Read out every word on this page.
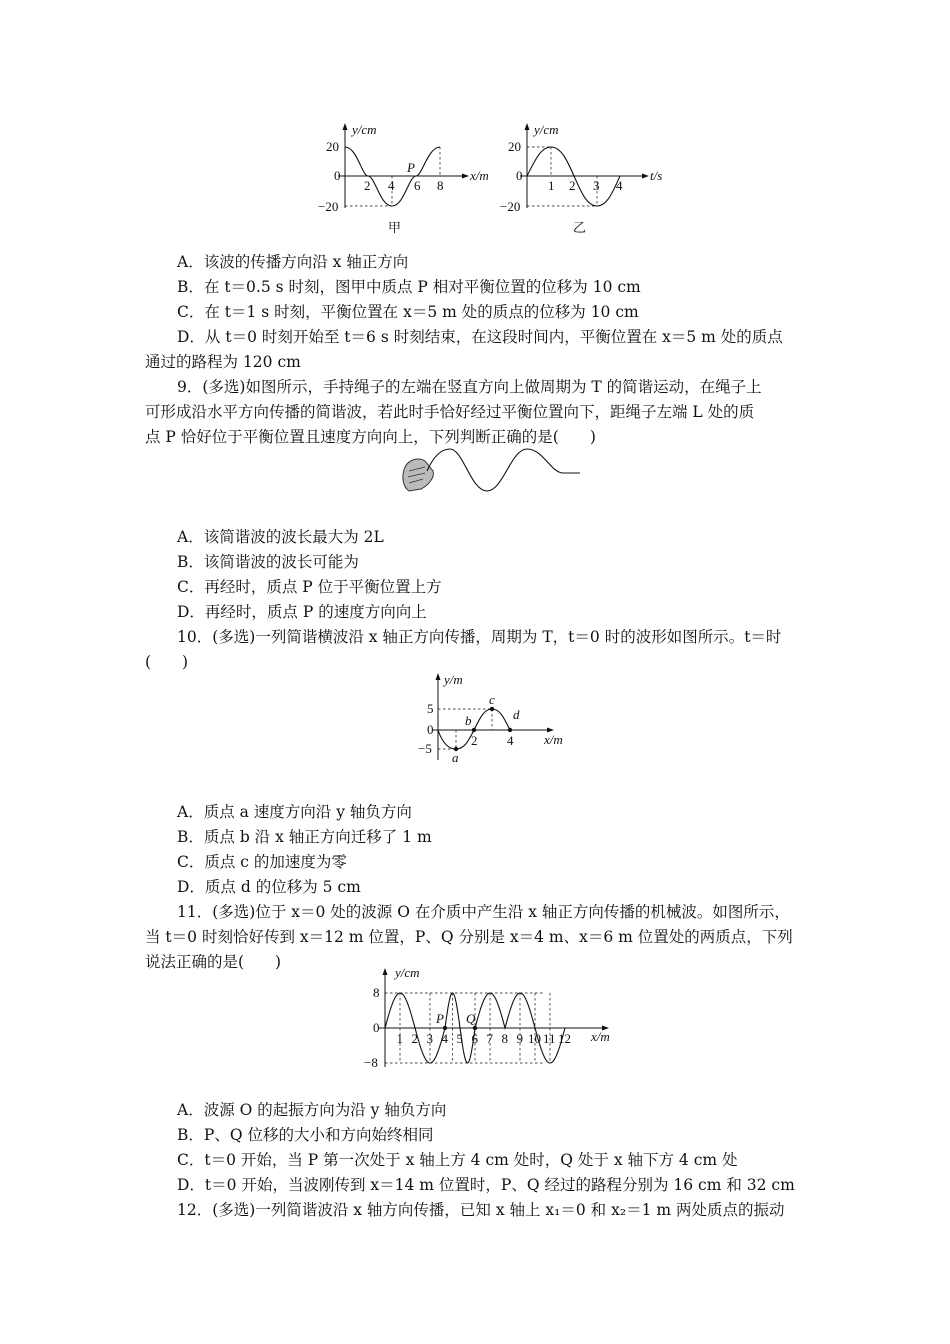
y/cm
20
0
−20
2 4 6 8
x/m
P
甲
y/cm
20
0
−20
1 2 3 4
t/s
乙
A．该波的传播方向沿 x 轴正方向
B．在 t＝0.5 s 时刻，图甲中质点 P 相对平衡位置的位移为 10 cm
C．在 t＝1 s 时刻，平衡位置在 x＝5 m 处的质点的位移为 10 cm
D．从 t＝0 时刻开始至 t＝6 s 时刻结束，在这段时间内，平衡位置在 x＝5 m 处的质点
通过的路程为 120 cm
9．(多选)如图所示，手持绳子的左端在竖直方向上做周期为 T 的简谐运动，在绳子上
可形成沿水平方向传播的简谐波，若此时手恰好经过平衡位置向下，距绳子左端 L 处的质
点 P 恰好位于平衡位置且速度方向向上，下列判断正确的是(　　)
A．该简谐波的波长最大为 2L
B．该简谐波的波长可能为
C．再经时，质点 P 位于平衡位置上方
D．再经时，质点 P 的速度方向向上
10．(多选)一列简谐横波沿 x 轴正方向传播，周期为 T，t＝0 时的波形如图所示。t＝时
(　　)
y/m
5
0
−5
2 4 x/m
a
b
c
d
A．质点 a 速度方向沿 y 轴负方向
B．质点 b 沿 x 轴正方向迁移了 1 m
C．质点 c 的加速度为零
D．质点 d 的位移为 5 cm
11．(多选)位于 x＝0 处的波源 O 在介质中产生沿 x 轴正方向传播的机械波。如图所示，
当 t＝0 时刻恰好传到 x＝12 m 位置，P、Q 分别是 x＝4 m、x＝6 m 位置处的两质点，下列
说法正确的是(　　)
y/cm
8
0
−8
1 2 3 4 5 6 7 8 9 10 11 12 x/m
P Q
A．波源 O 的起振方向为沿 y 轴负方向
B．P、Q 位移的大小和方向始终相同
C．t＝0 开始，当 P 第一次处于 x 轴上方 4 cm 处时，Q 处于 x 轴下方 4 cm 处
D．t＝0 开始，当波刚传到 x＝14 m 位置时，P、Q 经过的路程分别为 16 cm 和 32 cm
12．(多选)一列简谐波沿 x 轴方向传播，已知 x 轴上 x₁＝0 和 x₂＝1 m 两处质点的振动
